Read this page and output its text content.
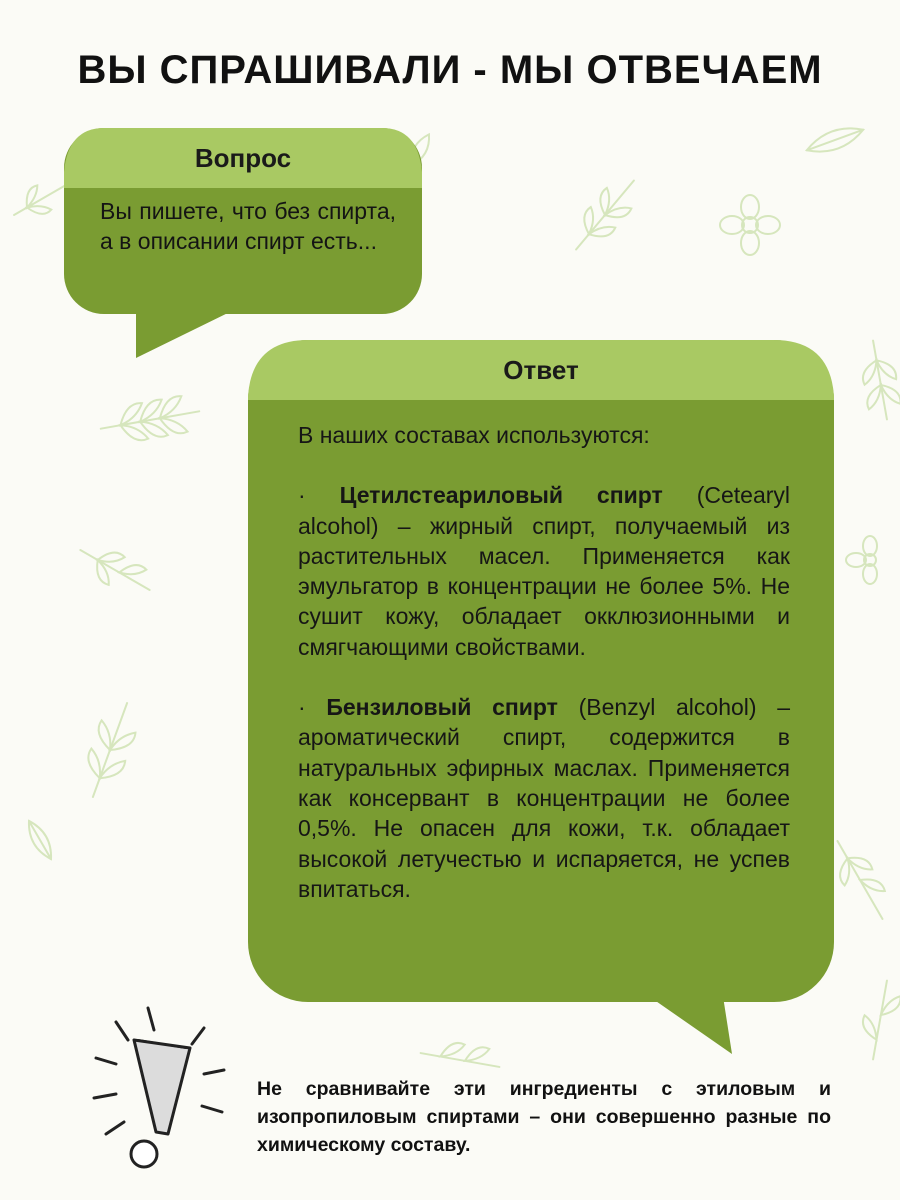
ВЫ СПРАШИВАЛИ - МЫ ОТВЕЧАЕМ
Вопрос
Вы пишете, что без спирта, а в описании спирт есть...
Ответ

В наших составах используются:

· Цетилстеариловый спирт (Cetearyl alcohol) – жирный спирт, получаемый из растительных масел. Применяется как эмульгатор в концентрации не более 5%. Не сушит кожу, обладает окклюзионными и смягчающими свойствами.

· Бензиловый спирт (Benzyl alcohol) – ароматический спирт, содержится в натуральных эфирных маслах. Применяется как консервант в концентрации не более 0,5%. Не опасен для кожи, т.к. обладает высокой летучестью и испаряется, не успев впитаться.

Не сравнивайте эти ингредиенты с этиловым и изопропиловым спиртами – они совершенно разные по химическому составу.
